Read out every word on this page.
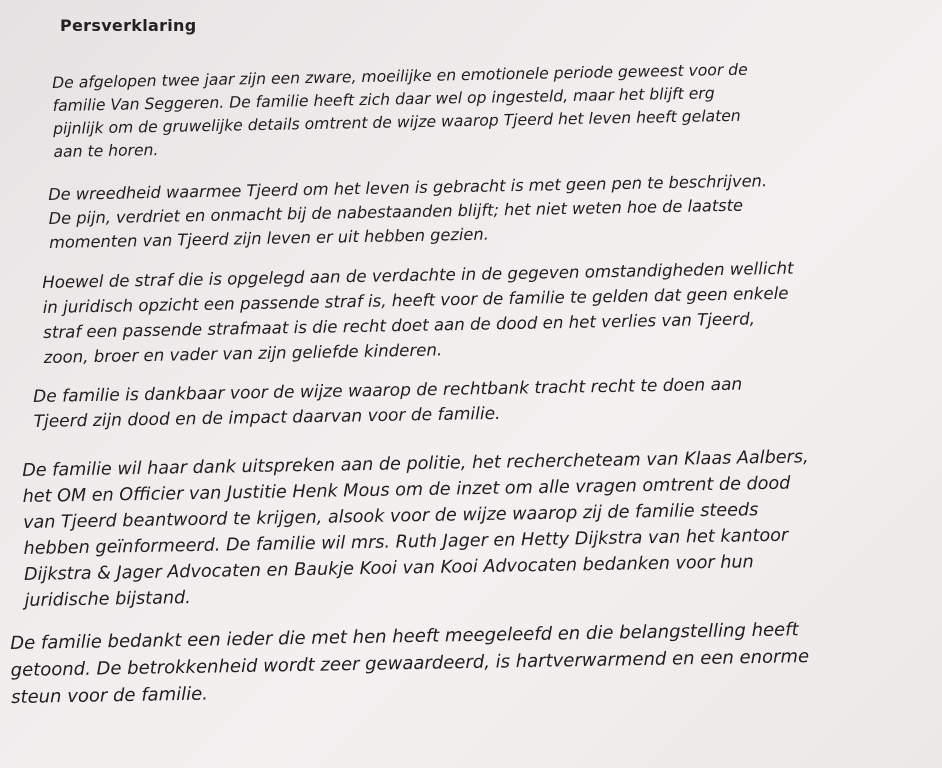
Persverklaring

De afgelopen twee jaar zijn een zware, moeilijke en emotionele periode geweest voor de
familie Van Seggeren. De familie heeft zich daar wel op ingesteld, maar het blijft erg
pijnlijk om de gruwelijke details omtrent de wijze waarop Tjeerd het leven heeft gelaten
aan te horen.

De wreedheid waarmee Tjeerd om het leven is gebracht is met geen pen te beschrijven.
De pijn, verdriet en onmacht bij de nabestaanden blijft; het niet weten hoe de laatste
momenten van Tjeerd zijn leven er uit hebben gezien.

Hoewel de straf die is opgelegd aan de verdachte in de gegeven omstandigheden wellicht
in juridisch opzicht een passende straf is, heeft voor de familie te gelden dat geen enkele
straf een passende strafmaat is die recht doet aan de dood en het verlies van Tjeerd,
zoon, broer en vader van zijn geliefde kinderen.

De familie is dankbaar voor de wijze waarop de rechtbank tracht recht te doen aan
Tjeerd zijn dood en de impact daarvan voor de familie.

De familie wil haar dank uitspreken aan de politie, het rechercheteam van Klaas Aalbers,
het OM en Officier van Justitie Henk Mous om de inzet om alle vragen omtrent de dood
van Tjeerd beantwoord te krijgen, alsook voor de wijze waarop zij de familie steeds
hebben geïnformeerd. De familie wil mrs. Ruth Jager en Hetty Dijkstra van het kantoor
Dijkstra & Jager Advocaten en Baukje Kooi van Kooi Advocaten bedanken voor hun
juridische bijstand.

De familie bedankt een ieder die met hen heeft meegeleefd en die belangstelling heeft
getoond. De betrokkenheid wordt zeer gewaardeerd, is hartverwarmend en een enorme
steun voor de familie.
